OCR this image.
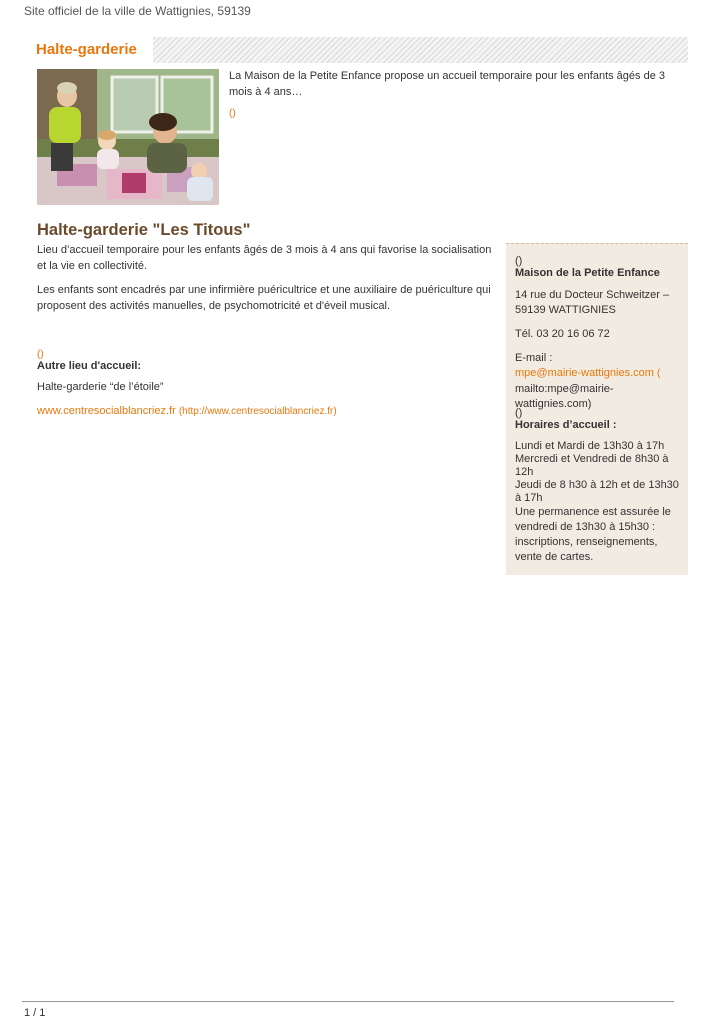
Site officiel de la ville de Wattignies, 59139
Halte-garderie
La Maison de la Petite Enfance propose un accueil temporaire pour les enfants âgés de 3 mois à 4 ans…
()
Halte-garderie "Les Titous"
Lieu d’accueil temporaire pour les enfants âgés de 3 mois à 4 ans qui favorise la socialisation et la vie en collectivité.
Les enfants sont encadrés par une infirmière puéricultrice et une auxiliaire de puériculture qui proposent des activités manuelles, de psychomotricité et d'éveil musical.
()
Autre lieu d'accueil:
Halte-garderie “de l’étoile”
www.centresocialblancriez.fr (http://www.centresocialblancriez.fr)
()
Maison de la Petite Enfance
14 rue du Docteur Schweitzer –
59139 WATTIGNIES
Tél. 03 20 16 06 72
E-mail :
mpe@mairie-wattignies.com (
mailto:mpe@mairie-wattignies.com)
()
Horaires d’accueil :
Lundi et Mardi de 13h30 à 17h
Mercredi et Vendredi de 8h30 à 12h
Jeudi de 8 h30 à 12h et de 13h30 à 17h
Une permanence est assurée le vendredi de 13h30 à 15h30 : inscriptions, renseignements, vente de cartes.
1 / 1
